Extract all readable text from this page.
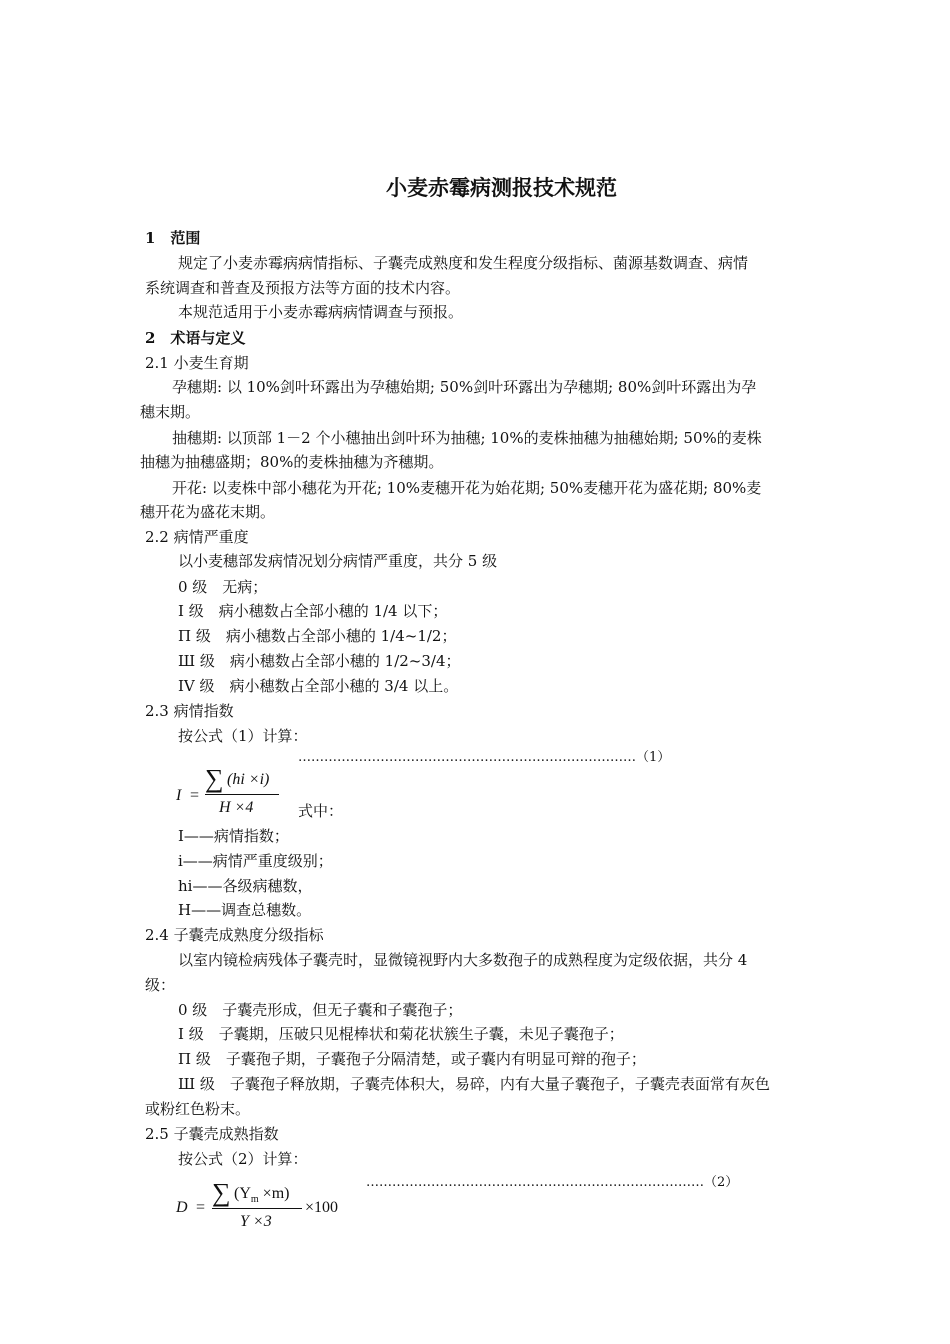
小麦赤霉病测报技术规范
1　范围
规定了小麦赤霉病病情指标、子囊壳成熟度和发生程度分级指标、菌源基数调查、病情
系统调查和普查及预报方法等方面的技术内容。
本规范适用于小麦赤霉病病情调查与预报。
2　术语与定义
2.1 小麦生育期
孕穗期: 以 10%剑叶环露出为孕穗始期; 50%剑叶环露出为孕穗期; 80%剑叶环露出为孕
穗末期。
抽穗期: 以顶部 1－2 个小穗抽出剑叶环为抽穗; 10%的麦株抽穗为抽穗始期; 50%的麦株
抽穗为抽穗盛期；80%的麦株抽穗为齐穗期。
开花: 以麦株中部小穗花为开花; 10%麦穗开花为始花期; 50%麦穗开花为盛花期; 80%麦
穗开花为盛花末期。
2.2 病情严重度
以小麦穗部发病情况划分病情严重度，共分 5 级
0 级　无病；
I 级　病小穗数占全部小穗的 1/4 以下；
Π 级　病小穗数占全部小穗的 1/4~1/2；
Ш 级　病小穗数占全部小穗的 1/2~3/4；
IV 级　病小穗数占全部小穗的 3/4 以上。
2.3 病情指数
按公式（1）计算：
……………………………………………………………………（1）
I =
∑ (hi ×i)
H ×4	式中：
I——病情指数；
i——病情严重度级别；
hi——各级病穗数，
H——调查总穗数。
2.4 子囊壳成熟度分级指标
以室内镜检病残体子囊壳时，显微镜视野内大多数孢子的成熟程度为定级依据，共分 4
级：
0 级　子囊壳形成，但无子囊和子囊孢子；
I 级　子囊期，压破只见棍棒状和菊花状簇生子囊，未见子囊孢子；
Π 级　子囊孢子期，子囊孢子分隔清楚，或子囊内有明显可辩的孢子；
Ш 级　子囊孢子释放期，子囊壳体积大，易碎，内有大量子囊孢子，子囊壳表面常有灰色
或粉红色粉末。
2.5 子囊壳成熟指数
按公式（2）计算：
……………………………………………………………………（2）
D =
∑ $(Y_m \times m)$
Y ×3
×100
